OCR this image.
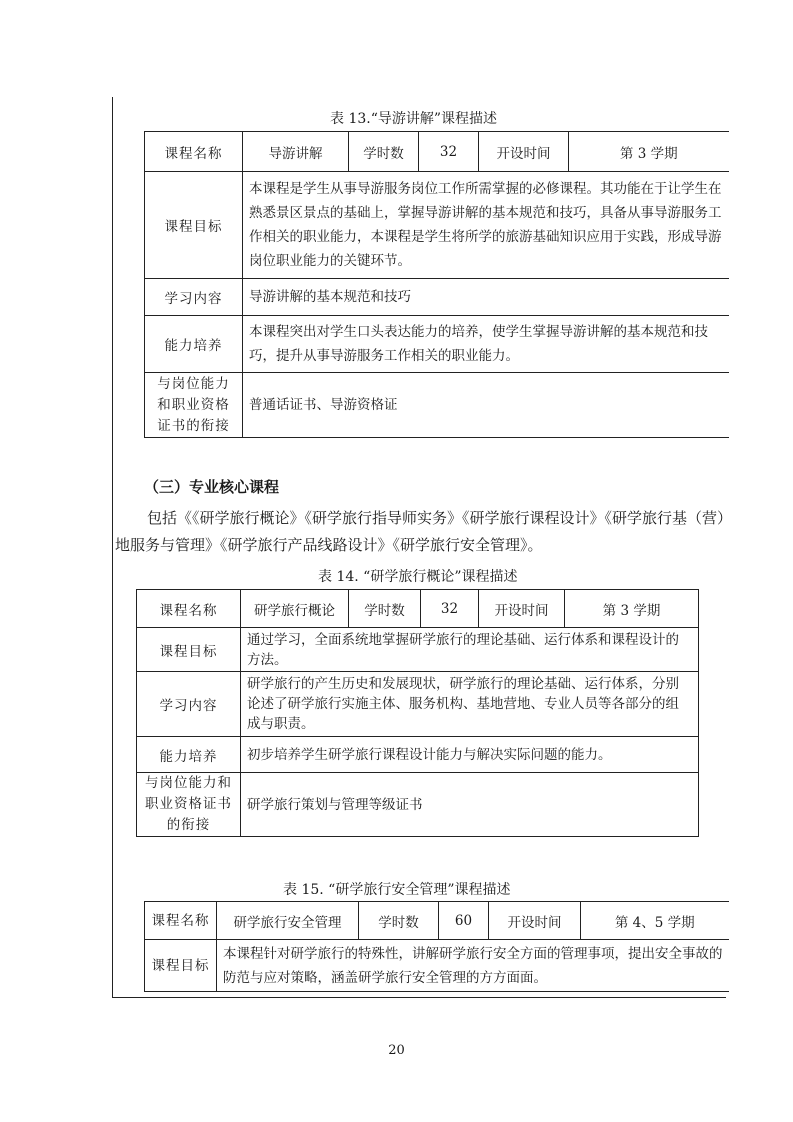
表 13.“导游讲解”课程描述
课程名称	导游讲解	学时数	32	开设时间	第 3 学期
课程目标	本课程是学生从事导游服务岗位工作所需掌握的必修课程。其功能在于让学生在熟悉景区景点的基础上，掌握导游讲解的基本规范和技巧，具备从事导游服务工作相关的职业能力，本课程是学生将所学的旅游基础知识应用于实践，形成导游岗位职业能力的关键环节。				
学习内容	导游讲解的基本规范和技巧				
能力培养	本课程突出对学生口头表达能力的培养，使学生掌握导游讲解的基本规范和技巧，提升从事导游服务工作相关的职业能力。				
与岗位能力和职业资格证书的衔接	普通话证书、导游资格证				
（三）专业核心课程
包括《《研学旅行概论》《研学旅行指导师实务》《研学旅行课程设计》《研学旅行基（营）地服务与管理》《研学旅行产品线路设计》《研学旅行安全管理》。
表 14. “研学旅行概论”课程描述
课程名称	研学旅行概论	学时数	32	开设时间	第 3 学期
课程目标	通过学习，全面系统地掌握研学旅行的理论基础、运行体系和课程设计的方法。				
学习内容	研学旅行的产生历史和发展现状，研学旅行的理论基础、运行体系，分别论述了研学旅行实施主体、服务机构、基地营地、专业人员等各部分的组成与职责。				
能力培养	初步培养学生研学旅行课程设计能力与解决实际问题的能力。				
与岗位能力和职业资格证书的衔接	研学旅行策划与管理等级证书				
表 15. “研学旅行安全管理”课程描述
课程名称	研学旅行安全管理	学时数	60	开设时间	第 4、5 学期
课程目标	本课程针对研学旅行的特殊性，讲解研学旅行安全方面的管理事项，提出安全事故的防范与应对策略，涵盖研学旅行安全管理的方方面面。				
20
